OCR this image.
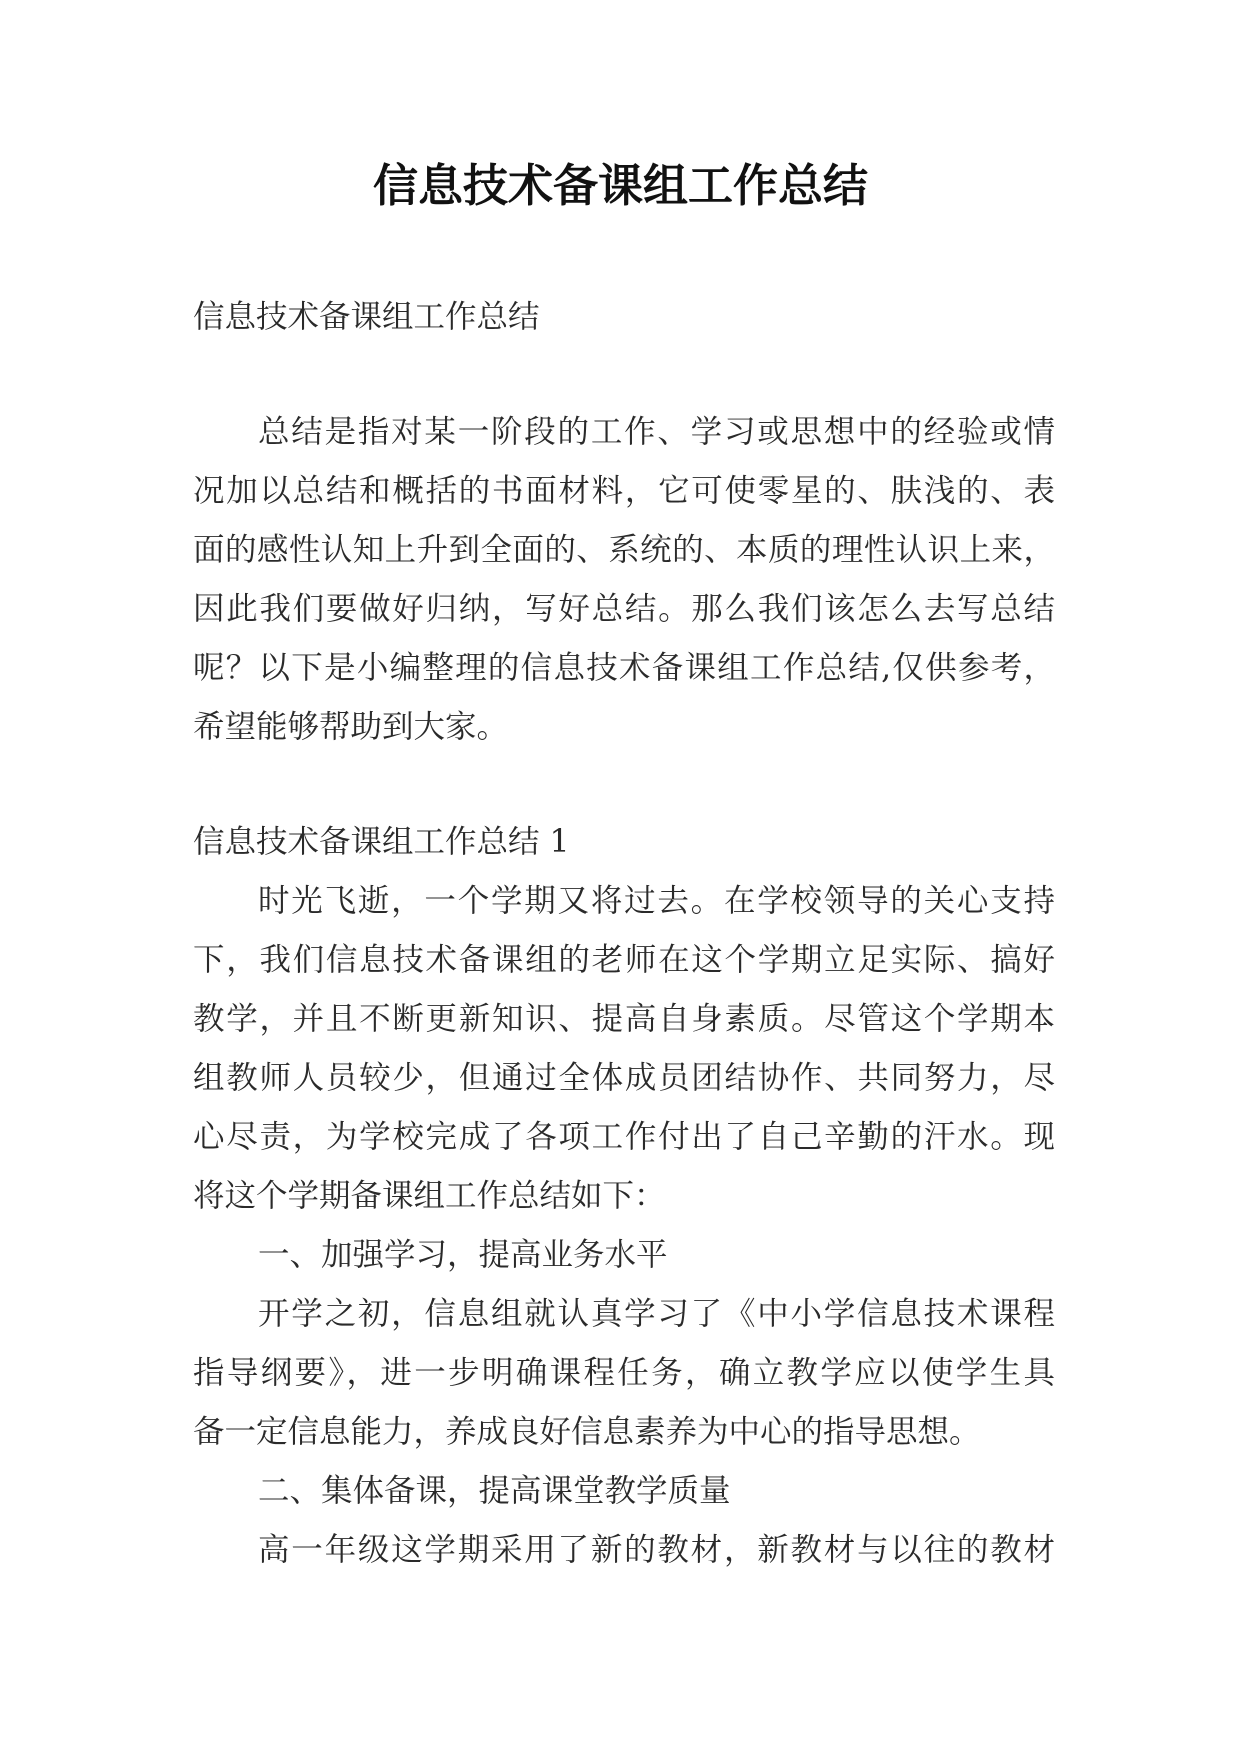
信息技术备课组工作总结
信息技术备课组工作总结
总结是指对某一阶段的工作、学习或思想中的经验或情
况加以总结和概括的书面材料，它可使零星的、肤浅的、表
面的感性认知上升到全面的、系统的、本质的理性认识上来，
因此我们要做好归纳，写好总结。那么我们该怎么去写总结
呢？以下是小编整理的信息技术备课组工作总结,仅供参考，
希望能够帮助到大家。
信息技术备课组工作总结 1
时光飞逝，一个学期又将过去。在学校领导的关心支持
下，我们信息技术备课组的老师在这个学期立足实际、搞好
教学，并且不断更新知识、提高自身素质。尽管这个学期本
组教师人员较少，但通过全体成员团结协作、共同努力，尽
心尽责，为学校完成了各项工作付出了自己辛勤的汗水。现
将这个学期备课组工作总结如下：
一、加强学习，提高业务水平
开学之初，信息组就认真学习了《中小学信息技术课程
指导纲要》，进一步明确课程任务，确立教学应以使学生具
备一定信息能力，养成良好信息素养为中心的指导思想。
二、集体备课，提高课堂教学质量
高一年级这学期采用了新的教材，新教材与以往的教材
